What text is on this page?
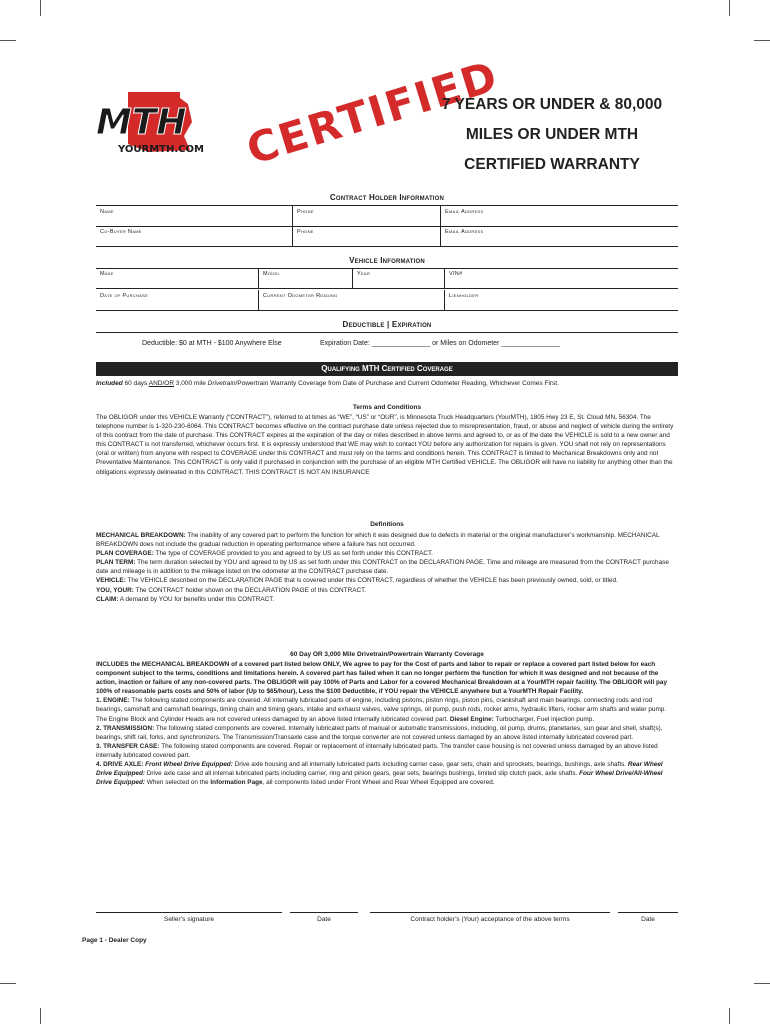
MTH
YOURMTH.COM CERTIFIED
7 YEARS OR UNDER & 80,000
MILES OR UNDER MTH
CERTIFIED WARRANTY
Contract Holder Information
Name	Phone	Email Address
Co-Buyer Name	Phone	Email Address
Vehicle Information
Make	Model	Year	VIN#
Date of Purchase	Current Odometer Reading	Lienholder
Deductible | Expiration
Deductible: $0 at MTH - $100 Anywhere Else	Expiration Date: _______________ or Miles on Odometer _______________
Qualifying MTH Certified Coverage
Included 60 days AND/OR 3,000 mile Drivetrain/Powertrain Warranty Coverage from Date of Purchase and Current Odometer Reading, Whichever Comes First.
Terms and Conditions
The OBLIGOR under this VEHICLE Warranty (“CONTRACT”), referred to at times as “WE”, “US” or “OUR”, is Minnesota Truck Headquarters (YourMTH), 1805 Hwy 23 E, St. Cloud MN, 56304. The telephone number is 1-320-230-6064. This CONTRACT becomes effective on the contract purchase date unless rejected due to misrepresentation, fraud, or abuse and neglect of vehicle during the entirety of this contract from the date of purchase. This CONTRACT expires at the expiration of the day or miles described in above terms and agreed to, or as of the date the VEHICLE is sold to a new owner and this CONTRACT is not transferred, whichever occurs first. It is expressly understood that WE may wish to contact YOU before any authorization for repairs is given. YOU shall not rely on representations (oral or written) from anyone with respect to COVERAGE under this CONTRACT and must rely on the terms and conditions herein. This CONTRACT is limited to Mechanical Breakdowns only and not Preventative Maintenance. This CONTRACT is only valid if purchased in conjunction with the purchase of an eligible MTH Certified VEHICLE. The OBLIGOR will have no liability for anything other than the obligations expressly delineated in this CONTRACT. THIS CONTRACT IS NOT AN INSURANCE
Definitions
MECHANICAL BREAKDOWN: The inability of any covered part to perform the function for which it was designed due to defects in material or the original manufacturer’s workmanship. MECHANICAL BREAKDOWN does not include the gradual reduction in operating performance where a failure has not occurred.
PLAN COVERAGE: The type of COVERAGE provided to you and agreed to by US as set forth under this CONTRACT.
PLAN TERM: The term duration selected by YOU and agreed to by US as set forth under this CONTRACT on the DECLARATION PAGE. Time and mileage are measured from the CONTRACT purchase date and mileage is in addition to the mileage listed on the odometer at the CONTRACT purchase date.
VEHICLE: The VEHICLE described on the DECLARATION PAGE that is covered under this CONTRACT, regardless of whether the VEHICLE has been previously owned, sold, or titled.
YOU, YOUR: The CONTRACT holder shown on the DECLARATION PAGE of this CONTRACT.
CLAIM: A demand by YOU for benefits under this CONTRACT.
60 Day OR 3,000 Mile Drivetrain/Powertrain Warranty Coverage
INCLUDES the MECHANICAL BREAKDOWN of a covered part listed below ONLY, We agree to pay for the Cost of parts and labor to repair or replace a covered part listed below for each component subject to the terms, conditions and limitations herein. A covered part has failed when it can no longer perform the function for which it was designed and not because of the action, inaction or failure of any non-covered parts. The OBLIGOR will pay 100% of Parts and Labor for a covered Mechanical Breakdown at a YourMTH repair facility. The OBLIGOR will pay 100% of reasonable parts costs and 50% of labor (Up to $65/hour), Less the $100 Deductible, if YOU repair the VEHICLE anywhere but a YourMTH Repair Facility.
1. ENGINE: The following stated components are covered. All internally lubricated parts of engine, including pistons, piston rings, piston pins, crankshaft and main bearings, connecting rods and rod bearings, camshaft and camshaft bearings, timing chain and timing gears, intake and exhaust valves, valve springs, oil pump, push rods, rocker arms, hydraulic lifters, rocker arm shafts and water pump. The Engine Block and Cylinder Heads are not covered unless damaged by an above listed internally lubricated covered part. Diesel Engine: Turbocharger, Fuel injection pump.
2. TRANSMISSION: The following stated components are covered. Internally lubricated parts of manual or automatic transmissions, including, oil pump, drums, planetaries, sun gear and shell, shaft(s), bearings, shift rail, forks, and synchronizers. The Transmission/Transaxle case and the torque converter are not covered unless damaged by an above listed internally lubricated covered part.
3. TRANSFER CASE: The following stated components are covered. Repair or replacement of internally lubricated parts. The transfer case housing is not covered unless damaged by an above listed internally lubricated covered part.
4. DRIVE AXLE: Front Wheel Drive Equipped: Drive axle housing and all internally lubricated parts including carrier case, gear sets, chain and sprockets, bearings, bushings, axle shafts. Rear Wheel Drive Equipped: Drive axle case and all internal lubricated parts including carrier, ring and pinion gears, gear sets, bearings bushings, limited slip clutch pack, axle shafts. Four Wheel Drive/All-Wheel Drive Equipped: When selected on the Information Page, all components listed under Front Wheel and Rear Wheel Equipped are covered.
Seller’s signature	Date	Contract holder’s (Your) acceptance of the above terms	Date
Page 1 - Dealer Copy
